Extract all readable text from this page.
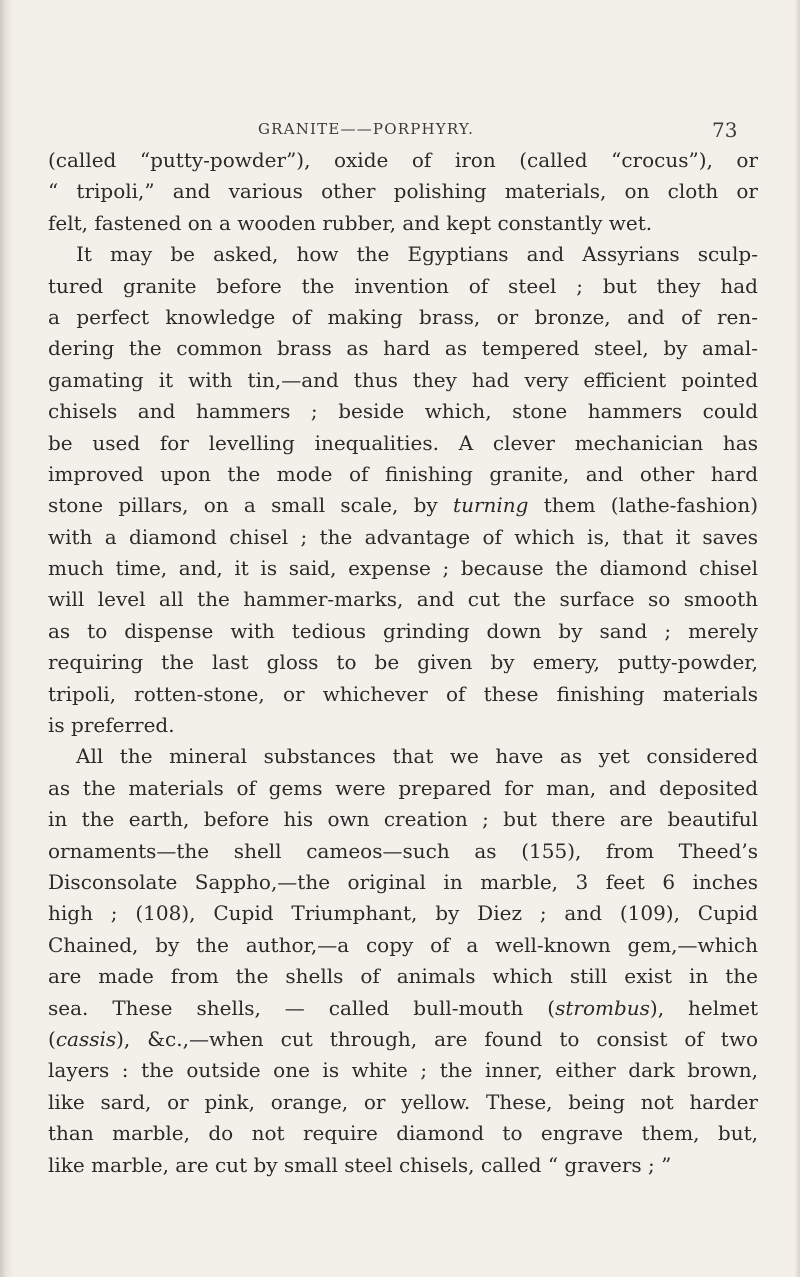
GRANITE——PORPHYRY.	73
(called “putty-powder”), oxide of iron (called “crocus”), or
“ tripoli,” and various other polishing materials, on cloth or
felt, fastened on a wooden rubber, and kept constantly wet.
It may be asked, how the Egyptians and Assyrians sculp-
tured granite before the invention of steel ; but they had
a perfect knowledge of making brass, or bronze, and of ren-
dering the common brass as hard as tempered steel, by amal-
gamating it with tin,—and thus they had very efficient pointed
chisels and hammers ; beside which, stone hammers could
be used for levelling inequalities. A clever mechanician has
improved upon the mode of finishing granite, and other hard
stone pillars, on a small scale, by turning them (lathe-fashion)
with a diamond chisel ; the advantage of which is, that it saves
much time, and, it is said, expense ; because the diamond chisel
will level all the hammer-marks, and cut the surface so smooth
as to dispense with tedious grinding down by sand ; merely
requiring the last gloss to be given by emery, putty-powder,
tripoli, rotten-stone, or whichever of these finishing materials
is preferred.
All the mineral substances that we have as yet considered
as the materials of gems were prepared for man, and deposited
in the earth, before his own creation ; but there are beautiful
ornaments—the shell cameos—such as (155), from Theed’s
Disconsolate Sappho,—the original in marble, 3 feet 6 inches
high ; (108), Cupid Triumphant, by Diez ; and (109), Cupid
Chained, by the author,—a copy of a well-known gem,—which
are made from the shells of animals which still exist in the
sea. These shells, — called bull-mouth (strombus), helmet
(cassis), &c.,—when cut through, are found to consist of two
layers : the outside one is white ; the inner, either dark brown,
like sard, or pink, orange, or yellow. These, being not harder
than marble, do not require diamond to engrave them, but,
like marble, are cut by small steel chisels, called “ gravers ; ”
